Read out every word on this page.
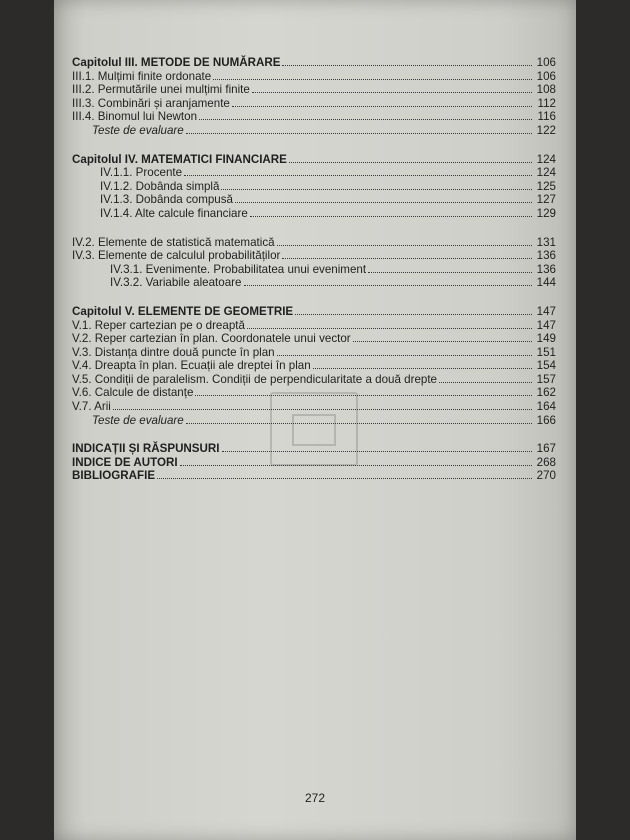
Capitolul III. METODE DE NUMĂRARE	106
III.1. Mulțimi finite ordonate	106
III.2. Permutările unei mulțimi finite	108
III.3. Combinări și aranjamente	112
III.4. Binomul lui Newton	116
Teste de evaluare	122
Capitolul IV. MATEMATICI FINANCIARE	124
IV.1.1. Procente	124
IV.1.2. Dobânda simplă	125
IV.1.3. Dobânda compusă	127
IV.1.4. Alte calcule financiare	129
IV.2. Elemente de statistică matematică	131
IV.3. Elemente de calculul probabilităților	136
IV.3.1. Evenimente. Probabilitatea unui eveniment	136
IV.3.2. Variabile aleatoare	144
Capitolul V. ELEMENTE DE GEOMETRIE	147
V.1. Reper cartezian pe o dreaptă	147
V.2. Reper cartezian în plan. Coordonatele unui vector	149
V.3. Distanța dintre două puncte în plan	151
V.4. Dreapta în plan. Ecuații ale dreptei în plan	154
V.5. Condiții de paralelism. Condiții de perpendicularitate a două drepte	157
V.6. Calcule de distanțe	162
V.7. Arii	164
Teste de evaluare	166
INDICAȚII ȘI RĂSPUNSURI	167
INDICE DE AUTORI	268
BIBLIOGRAFIE	270
272
